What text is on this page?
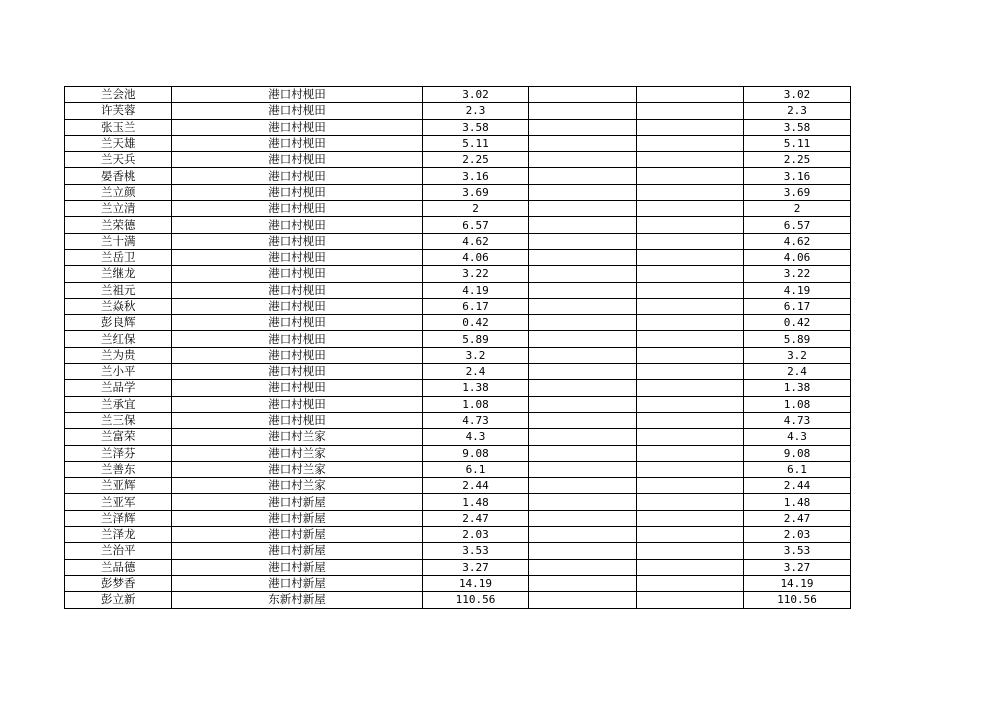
兰会池	港口村枧田	3.02			3.02
许芙蓉	港口村枧田	2.3			2.3
张玉兰	港口村枧田	3.58			3.58
兰天雄	港口村枧田	5.11			5.11
兰天兵	港口村枧田	2.25			2.25
晏香桃	港口村枧田	3.16			3.16
兰立颜	港口村枧田	3.69			3.69
兰立清	港口村枧田	2			2
兰荣德	港口村枧田	6.57			6.57
兰十满	港口村枧田	4.62			4.62
兰岳卫	港口村枧田	4.06			4.06
兰继龙	港口村枧田	3.22			3.22
兰祖元	港口村枧田	4.19			4.19
兰焱秋	港口村枧田	6.17			6.17
彭良辉	港口村枧田	0.42			0.42
兰红保	港口村枧田	5.89			5.89
兰为贵	港口村枧田	3.2			3.2
兰小平	港口村枧田	2.4			2.4
兰品学	港口村枧田	1.38			1.38
兰承宜	港口村枧田	1.08			1.08
兰三保	港口村枧田	4.73			4.73
兰富荣	港口村兰家	4.3			4.3
兰泽芬	港口村兰家	9.08			9.08
兰善东	港口村兰家	6.1			6.1
兰亚辉	港口村兰家	2.44			2.44
兰亚军	港口村新屋	1.48			1.48
兰泽辉	港口村新屋	2.47			2.47
兰泽龙	港口村新屋	2.03			2.03
兰治平	港口村新屋	3.53			3.53
兰品德	港口村新屋	3.27			3.27
彭梦香	港口村新屋	14.19			14.19
彭立新	东新村新屋	110.56			110.56
